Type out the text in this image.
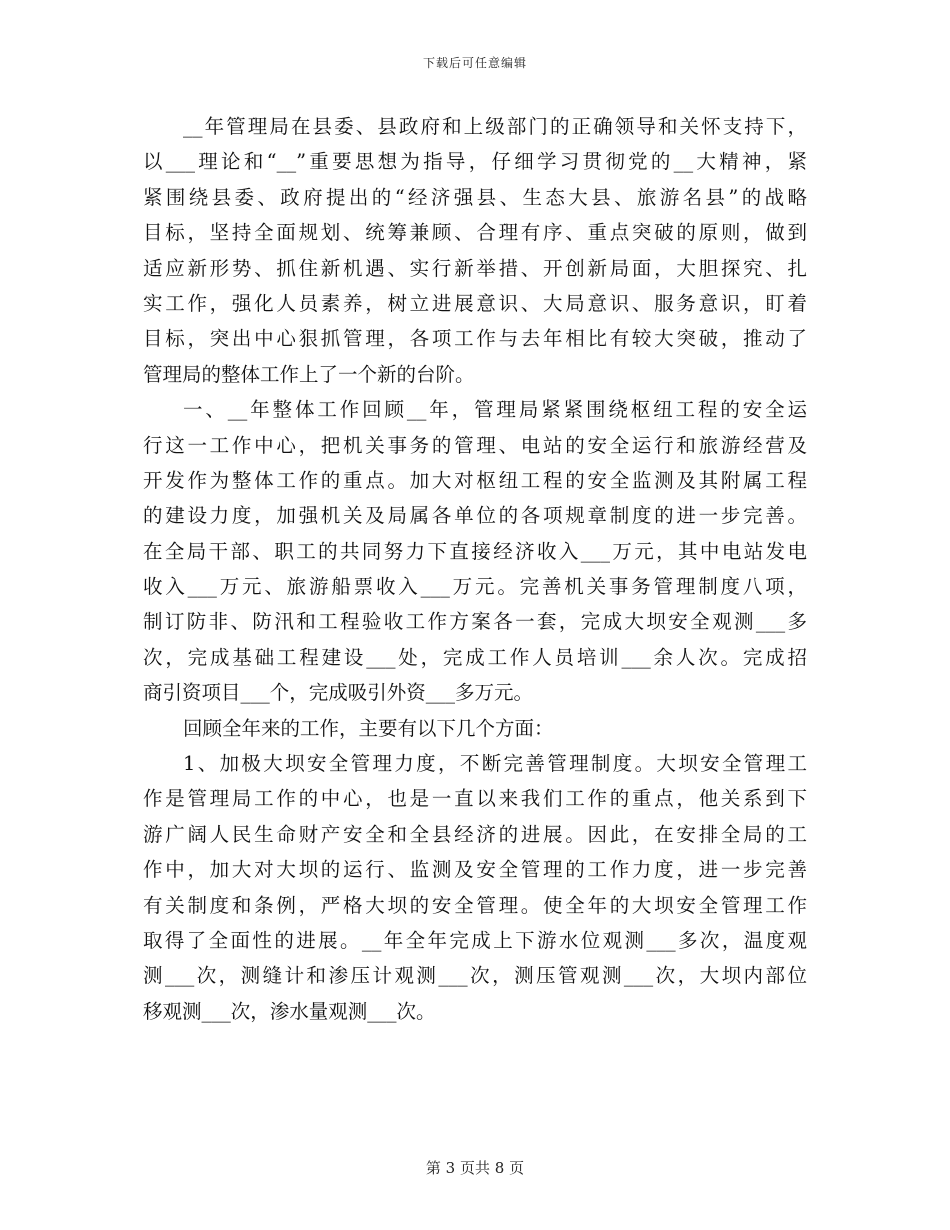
下载后可任意编辑
__年管理局在县委、县政府和上级部门的正确领导和关怀支持下，
以___理论和“__”重要思想为指导，仔细学习贯彻党的__大精神，紧
紧围绕县委、政府提出的“经济强县、生态大县、旅游名县”的战略
目标，坚持全面规划、统筹兼顾、合理有序、重点突破的原则，做到
适应新形势、抓住新机遇、实行新举措、开创新局面，大胆探究、扎
实工作，强化人员素养，树立进展意识、大局意识、服务意识，盯着
目标，突出中心狠抓管理，各项工作与去年相比有较大突破，推动了
管理局的整体工作上了一个新的台阶。
一、__年整体工作回顾__年，管理局紧紧围绕枢纽工程的安全运
行这一工作中心，把机关事务的管理、电站的安全运行和旅游经营及
开发作为整体工作的重点。加大对枢纽工程的安全监测及其附属工程
的建设力度，加强机关及局属各单位的各项规章制度的进一步完善。
在全局干部、职工的共同努力下直接经济收入___万元，其中电站发电
收入___万元、旅游船票收入___万元。完善机关事务管理制度八项，
制订防非、防汛和工程验收工作方案各一套，完成大坝安全观测___多
次，完成基础工程建设___处，完成工作人员培训___余人次。完成招
商引资项目___个，完成吸引外资___多万元。
回顾全年来的工作，主要有以下几个方面：
1、加极大坝安全管理力度，不断完善管理制度。大坝安全管理工
作是管理局工作的中心，也是一直以来我们工作的重点，他关系到下
游广阔人民生命财产安全和全县经济的进展。因此，在安排全局的工
作中，加大对大坝的运行、监测及安全管理的工作力度，进一步完善
有关制度和条例，严格大坝的安全管理。使全年的大坝安全管理工作
取得了全面性的进展。__年全年完成上下游水位观测___多次，温度观
测___次，测缝计和渗压计观测___次，测压管观测___次，大坝内部位
移观测___次，渗水量观测___次。
第 3 页共 8 页
